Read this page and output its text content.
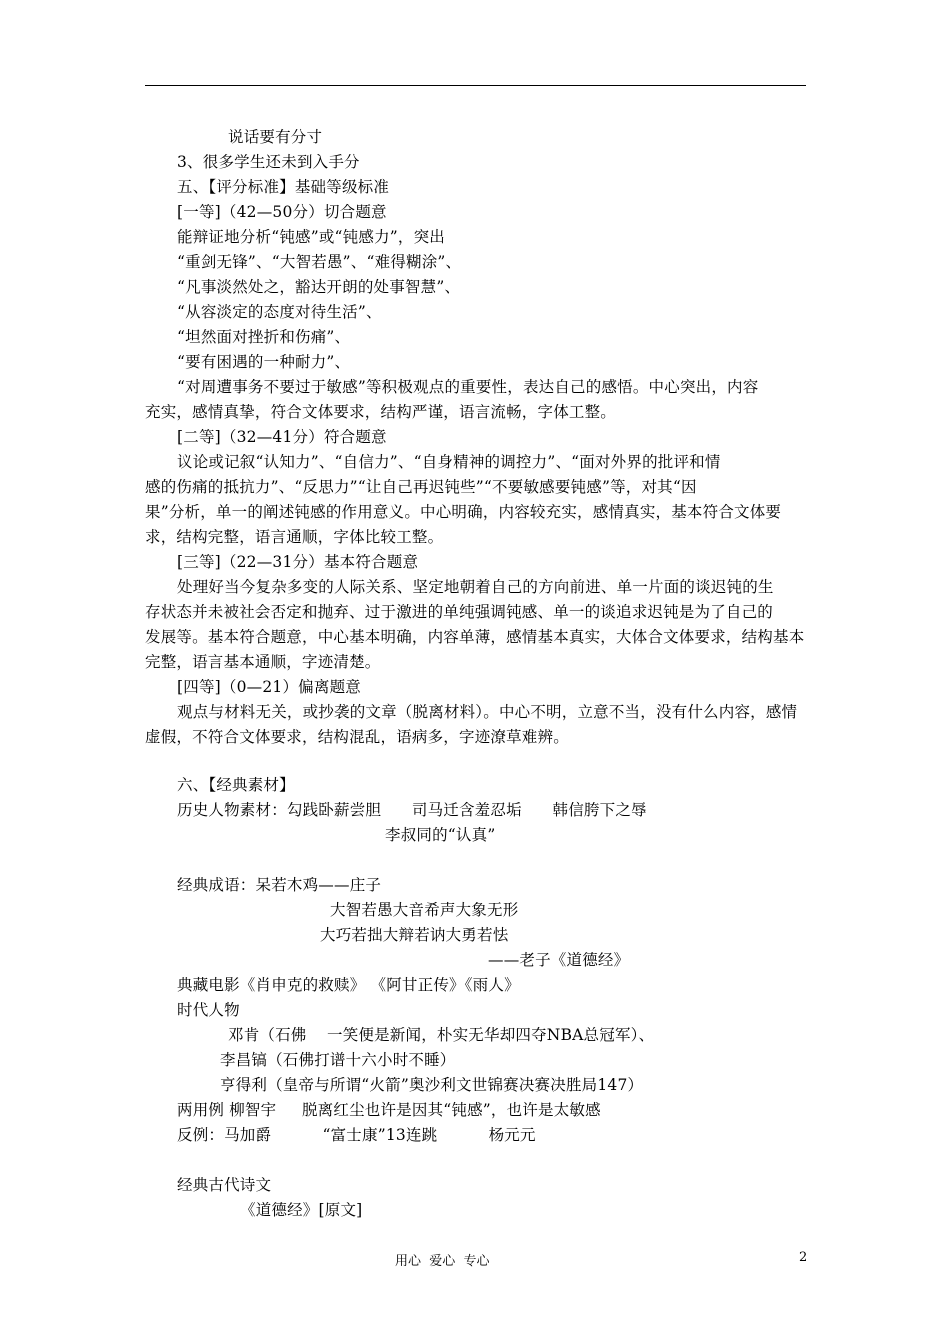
说话要有分寸
3、很多学生还未到入手分
五、【评分标准】基础等级标准
[一等]（42—50分）切合题意
能辩证地分析“钝感”或“钝感力”，突出
“重剑无锋”、“大智若愚”、“难得糊涂”、
“凡事淡然处之，豁达开朗的处事智慧”、
“从容淡定的态度对待生活”、
“坦然面对挫折和伤痛”、
“要有困遇的一种耐力”、
“对周遭事务不要过于敏感”等积极观点的重要性，表达自己的感悟。中心突出，内容
充实，感情真挚，符合文体要求，结构严谨，语言流畅，字体工整。
[二等]（32—41分）符合题意
议论或记叙“认知力”、“自信力”、“自身精神的调控力”、“面对外界的批评和情
感的伤痛的抵抗力”、“反思力”“让自己再迟钝些”“不要敏感要钝感”等，对其“因
果”分析，单一的阐述钝感的作用意义。中心明确，内容较充实，感情真实，基本符合文体要
求，结构完整，语言通顺，字体比较工整。
[三等]（22—31分）基本符合题意
处理好当今复杂多变的人际关系、坚定地朝着自己的方向前进、单一片面的谈迟钝的生
存状态并未被社会否定和抛弃、过于激进的单纯强调钝感、单一的谈追求迟钝是为了自己的
发展等。基本符合题意，中心基本明确，内容单薄，感情基本真实，大体合文体要求，结构基本
完整，语言基本通顺，字迹清楚。
[四等]（0—21）偏离题意
观点与材料无关，或抄袭的文章（脱离材料）。中心不明，立意不当，没有什么内容，感情
虚假，不符合文体要求，结构混乱，语病多，字迹潦草难辨。
六、【经典素材】
历史人物素材：勾践卧薪尝胆      司马迁含羞忍垢      韩信胯下之辱
李叔同的“认真”
经典成语：呆若木鸡——庄子
大智若愚大音希声大象无形
大巧若拙大辩若讷大勇若怯
——老子《道德经》
典藏电影《肖申克的救赎》 《阿甘正传》《雨人》
时代人物
邓肯（石佛    一笑便是新闻，朴实无华却四夺NBA总冠军）、
李昌镐（石佛打谱十六小时不睡）
亨得利（皇帝与所谓“火箭”奥沙利文世锦赛决赛决胜局147）
两用例 柳智宇     脱离红尘也许是因其“钝感”，也许是太敏感
反例：马加爵          “富士康”13连跳          杨元元
经典古代诗文
《道德经》[原文]
用心  爱心  专心	2
